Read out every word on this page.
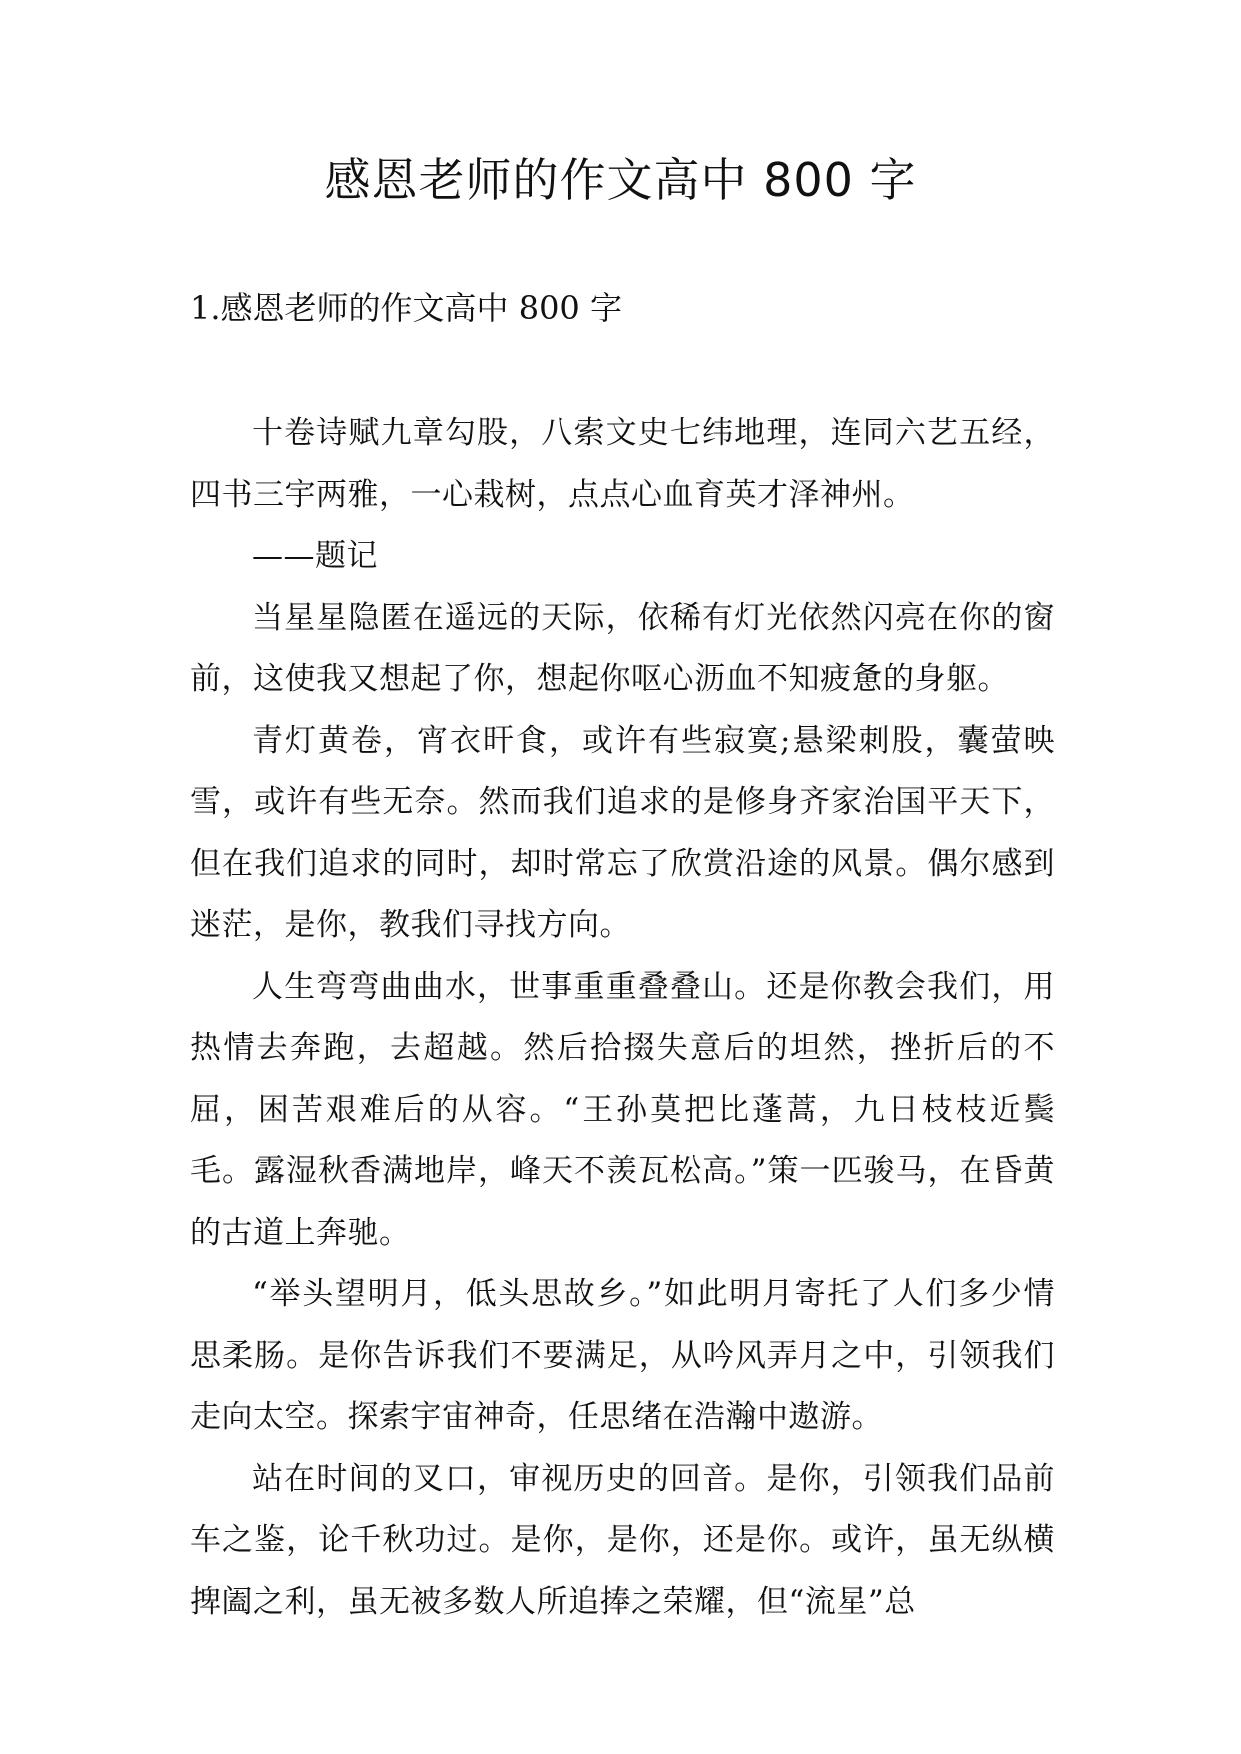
感恩老师的作文高中 800 字
1.感恩老师的作文高中 800 字

十卷诗赋九章勾股，八索文史七纬地理，连同六艺五经，四书三宇两雅，一心栽树，点点心血育英才泽神州。

——题记

当星星隐匿在遥远的天际，依稀有灯光依然闪亮在你的窗前，这使我又想起了你，想起你呕心沥血不知疲惫的身躯。

青灯黄卷，宵衣旰食，或许有些寂寞;悬梁刺股，囊萤映雪，或许有些无奈。然而我们追求的是修身齐家治国平天下，但在我们追求的同时，却时常忘了欣赏沿途的风景。偶尔感到迷茫，是你，教我们寻找方向。

人生弯弯曲曲水，世事重重叠叠山。还是你教会我们，用热情去奔跑，去超越。然后拾掇失意后的坦然，挫折后的不屈，困苦艰难后的从容。“王孙莫把比蓬蒿，九日枝枝近鬓毛。露湿秋香满地岸，峰天不羡瓦松高。”策一匹骏马，在昏黄的古道上奔驰。

“举头望明月，低头思故乡。”如此明月寄托了人们多少情思柔肠。是你告诉我们不要满足，从吟风弄月之中，引领我们走向太空。探索宇宙神奇，任思绪在浩瀚中遨游。

站在时间的叉口，审视历史的回音。是你，引领我们品前车之鉴，论千秋功过。是你，是你，还是你。或许，虽无纵横捭阖之利，虽无被多数人所追捧之荣耀，但“流星”总
